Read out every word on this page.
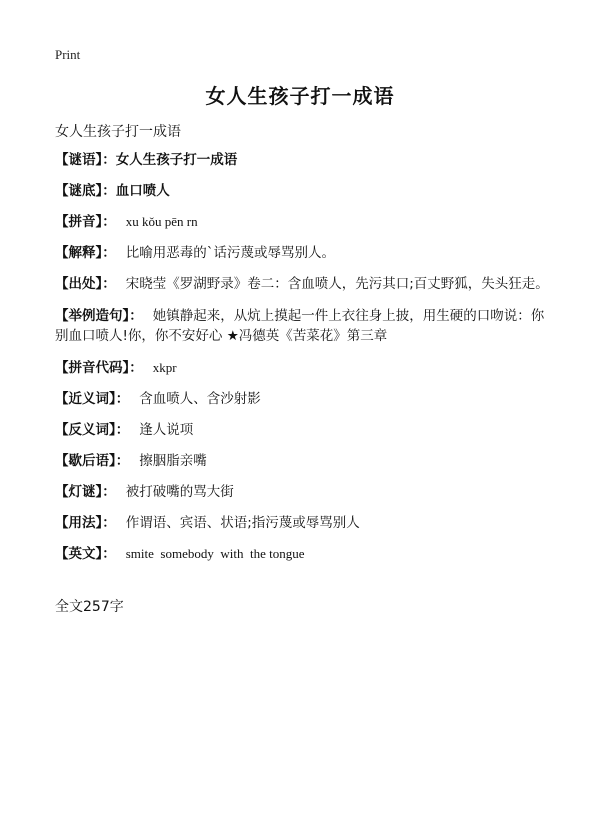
Print
女人生孩子打一成语
女人生孩子打一成语
【谜语】：女人生孩子打一成语
【谜底】：血口喷人
【拼音】： xu kǒu pēn rn
【解释】： 比喻用恶毒的`话污蔑或辱骂别人。
【出处】： 宋晓莹《罗湖野录》卷二：含血喷人，先污其口;百丈野狐，失头狂走。
【举例造句】： 她镇静起来，从炕上摸起一件上衣往身上披，用生硬的口吻说：你别血口喷人!你，你不安好心 ★冯德英《苦菜花》第三章
【拼音代码】： xkpr
【近义词】： 含血喷人、含沙射影
【反义词】： 逢人说项
【歇后语】： 擦胭脂亲嘴
【灯谜】： 被打破嘴的骂大街
【用法】： 作谓语、宾语、状语;指污蔑或辱骂别人
【英文】： smite  somebody  with  the tongue
全文257字
